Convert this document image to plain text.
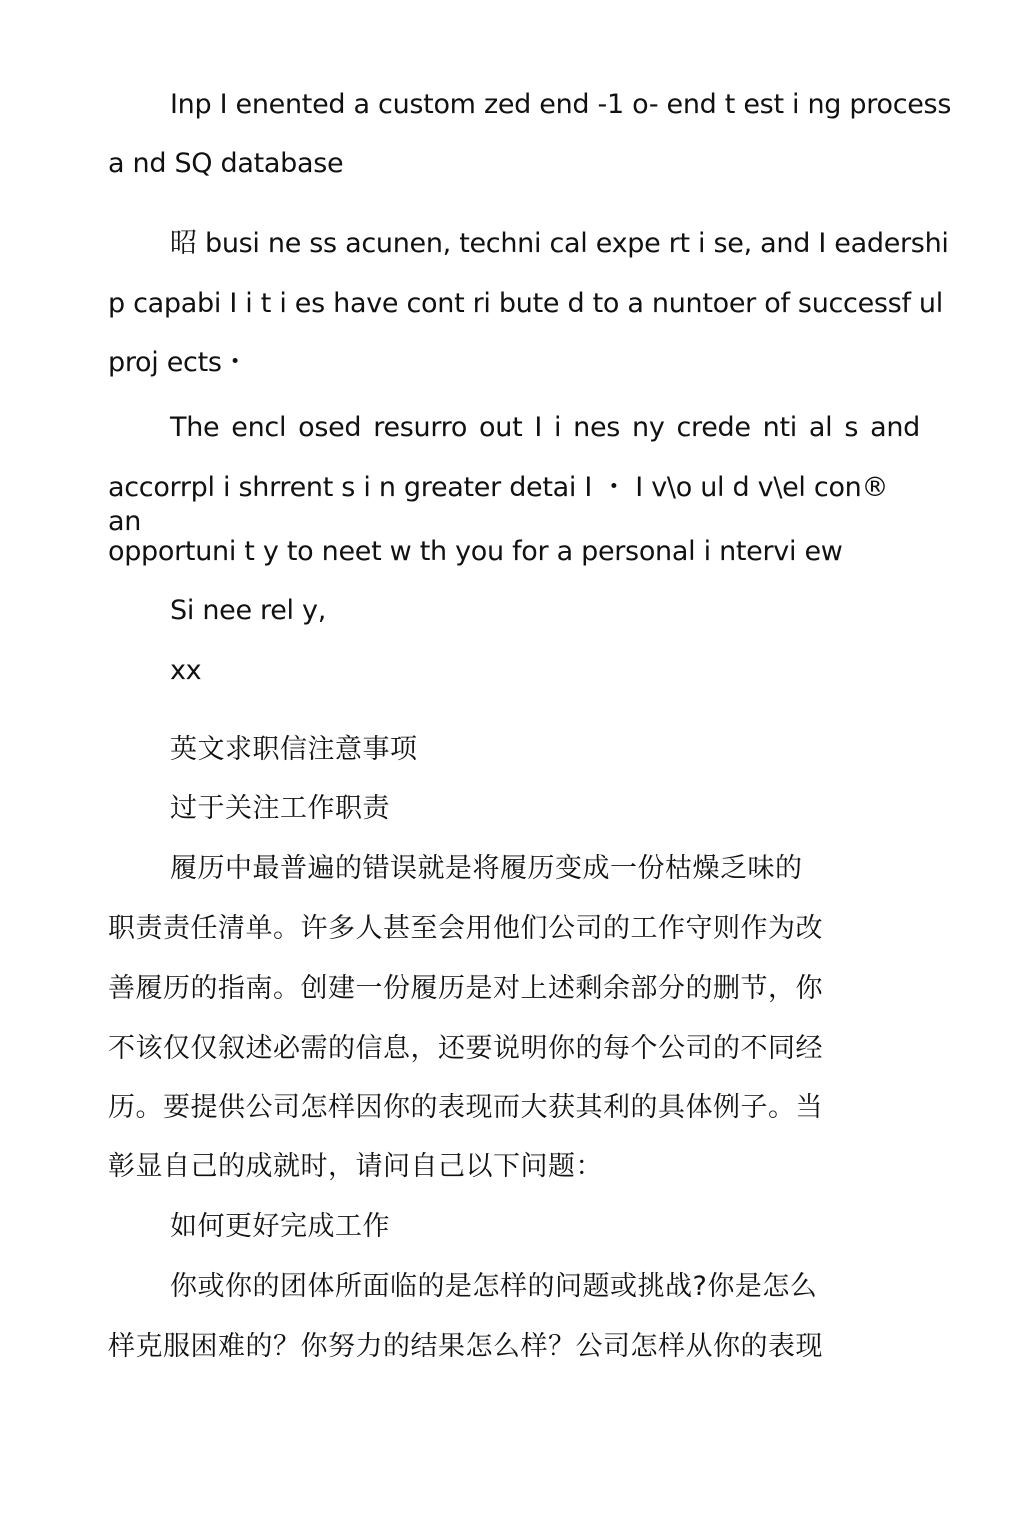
Inp I enented a custom zed end -1 o- end t est i ng process

a nd SQ database

昭 busi ne ss acunen, techni cal expe rt i se, and I eadershi

p capabi I i t i es have cont ri bute d to a nuntoer of successf ul

proj ects・

The encl osed resurro out I i nes ny crede nti al s and

accorrpl i shrrent s i n greater detai I ・ I v\o ul d v\el con® an

opportuni t y to neet w th you for a personal i ntervi ew

Si nee rel y,

xx

英文求职信注意事项

过于关注工作职责

履历中最普遍的错误就是将履历变成一份枯燥乏味的

职责责任清单。许多人甚至会用他们公司的工作守则作为改

善履历的指南。创建一份履历是对上述剩余部分的删节，你

不该仅仅叙述必需的信息，还要说明你的每个公司的不同经

历。要提供公司怎样因你的表现而大获其利的具体例子。当

彰显自己的成就时，请问自己以下问题：

如何更好完成工作

你或你的团体所面临的是怎样的问题或挑战?你是怎么

样克服困难的？你努力的结果怎么样？公司怎样从你的表现
